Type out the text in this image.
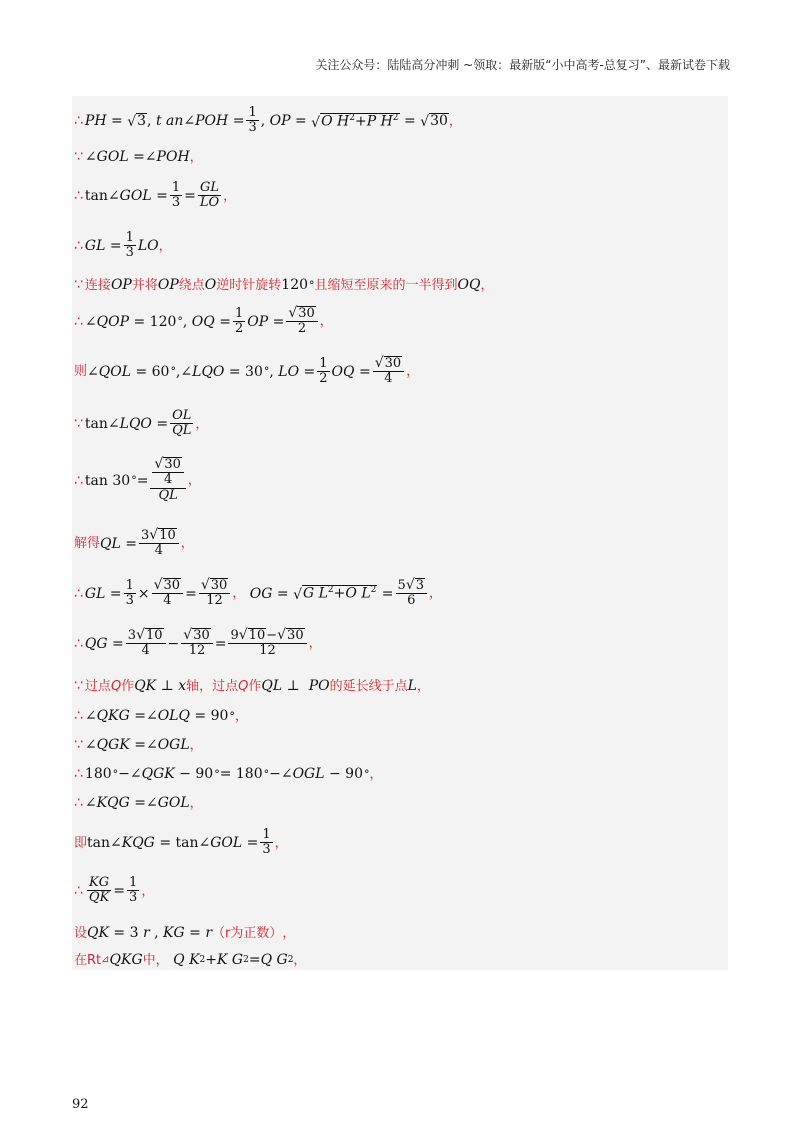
关注公众号：陆陆高分冲刺 ~领取：最新版“小中高考-总复习”、最新试卷下载
∴ PH = √ 3 , t an ∠ POH = $\frac{1}{3}$ , OP = √ O $H^2+P$ $H^2$ = √ 30 ，
∵ ∠ GOL =∠ POH ，
∴ tan∠ GOL = $\frac{1}{3} = \frac{GL}{LO}$ ，
∴ GL = $\frac{1}{3}$ LO ，
∵ 连接 OP 并将 OP 绕点 O 逆时针旋转 120 ° 且缩短至原来的一半得到 OQ ，
∴ ∠ QOP = 120 ° , OQ = $\frac{1}{2}$ OP = $\frac{√ 30}{2}$ ，
则 ∠ QOL = 60 ° ,∠ LQO = 30 ° , LO = $\frac{1}{2}$ OQ = $\frac{√ 30}{4}$ ，
∵ tan∠ LQO = $\frac{OL}{QL}$ ，
∴ tan 30 ° = $\frac{\frac{√ 30}{4}}{QL}$ ，
解得 QL = $\frac{3 √ 10}{4}$ ，
∴ GL = $\frac{1}{3} \times \frac{√ 30}{4} = \frac{√ 30}{12}$ ，
OG = √ G $L^2+O$ $L^2 = \frac{5 √ 3}{6}$ ，
∴ QG = $\frac{3 √ 10}{4} - \frac{√ 30}{12} = \frac{9 √ 10 - √ 30}{12}$ ，
∵ 过点 Q 作 QK ⊥ x 轴，过点 Q 作 QL ⊥ PO 的延长线于点 L ，
∴ ∠ QKG =∠ OLQ = 90 ° ，
∵ ∠ QGK =∠ OGL ，
∴ 180 ° −∠ QGK − 90 ° = 180 ° −∠ OGL − 90 ° ，
∴ ∠ KQG =∠ GOL ，
即 tan∠ KQG = tan∠ GOL = $\frac{1}{3}$ ，
∴ $\frac{KG}{QK} = \frac{1}{3}$ ，
设 QK = 3 r , KG = r （r为正数） ，
在 Rt ⊿ QKG 中，
Q K 2 + K G 2 = Q G 2 ，
92
